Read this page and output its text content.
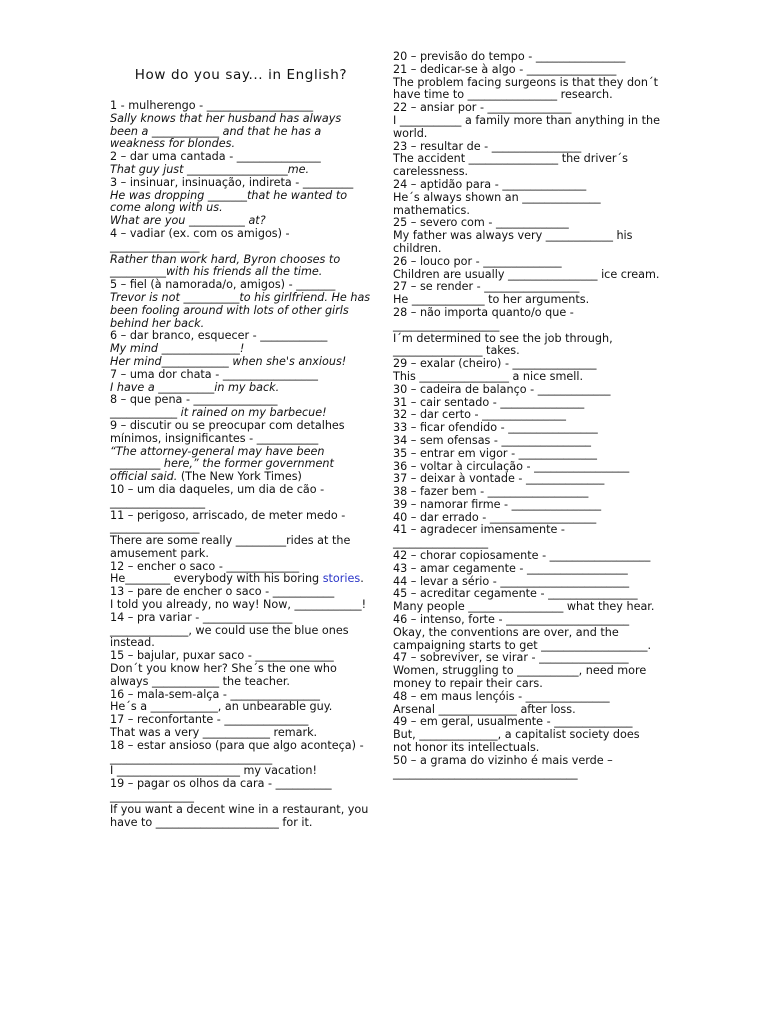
How do you say... in English?
1 - mulherengo - ___________________
Sally knows that her husband has always been a ____________ and that he has a weakness for blondes.
2 – dar uma cantada - _______________
That guy just __________________me.
3 – insinuar, insinuação, indireta - _________
He was dropping _______that he wanted to come along with us.
What are you __________ at?
4 – vadiar (ex. com os amigos) - ________________
Rather than work hard, Byron chooses to __________with his friends all the time.
5 – fiel (à namorada/o, amigos) - _______
Trevor is not __________to his girlfriend. He has been fooling around with lots of other girls behind her back.
6 – dar branco, esquecer - ____________
My mind ______________!
Her mind____________ when she's anxious!
7 – uma dor chata - _________________
I have a __________in my back.
8 – que pena - _______________
____________ it rained on my barbecue!
9 – discutir ou se preocupar com detalhes mínimos, insignificantes - ___________
“The attorney-general may have been _________ here,” the former government official said. (The New York Times)
10 – um dia daqueles, um dia de cão - _________________
11 – perigoso, arriscado, de meter medo - ________________
There are some really _________rides at the amusement park.
12 – encher o saco - _____________
He________ everybody with his boring stories.
13 – pare de encher o saco - ___________
I told you already, no way! Now, ____________!
14 – pra variar - ________________
______________, we could use the blue ones instead.
15 – bajular, puxar saco - ______________
Don´t you know her? She´s the one who always ____________ the teacher.
16 – mala-sem-alça - ________________
He´s a ____________, an unbearable guy.
17 – reconfortante - _______________
That was a very ____________ remark.
18 – estar ansioso (para que algo aconteça) - _____________________________
I ______________________ my vacation!
19 – pagar os olhos da cara - __________ _______________
If you want a decent wine in a restaurant, you have to ______________________ for it.
20 – previsão do tempo - ________________
21 – dedicar-se à algo - ________________
The problem facing surgeons is that they don´t have time to ________________ research.
22 – ansiar por - _______________
I ___________ a family more than anything in the world.
23 – resultar de - ________________
The accident ________________ the driver´s carelessness.
24 – aptidão para - _______________
He´s always shown an ______________ mathematics.
25 – severo com - _____________
My father was always very ____________ his children.
26 – louco por - ______________
Children are usually ________________ ice cream.
27 – se render - _________________
He _____________ to her arguments.
28 – não importa quanto/o que - ___________________
I´m determined to see the job through, ________________ takes.
29 – exalar (cheiro) - _______________
This ________________ a nice smell.
30 – cadeira de balanço - _____________
31 – cair sentado - _______________
32 – dar certo - _______________
33 – ficar ofendido - ________________
34 – sem ofensas - ________________
35 – entrar em vigor - ______________
36 – voltar à circulação - _________________
37 – deixar à vontade - ______________
38 – fazer bem - __________________
39 – namorar firme - ________________
40 – dar errado - ___________________
41 – agradecer imensamente - _________________
42 – chorar copiosamente - __________________
43 – amar cegamente - __________________
44 – levar a sério - _______________________
45 – acreditar cegamente - ________________
Many people _________________ what they hear.
46 – intenso, forte - ______________________
Okay, the conventions are over, and the campaigning starts to get ___________________.
47 – sobreviver, se virar - ________________
Women, struggling to ___________, need more money to repair their cars.
48 – em maus lençóis - _______________
Arsenal ______________ after loss.
49 – em geral, usualmente - ______________
But, ______________, a capitalist society does not honor its intellectuals.
50 – a grama do vizinho é mais verde – _________________________________
